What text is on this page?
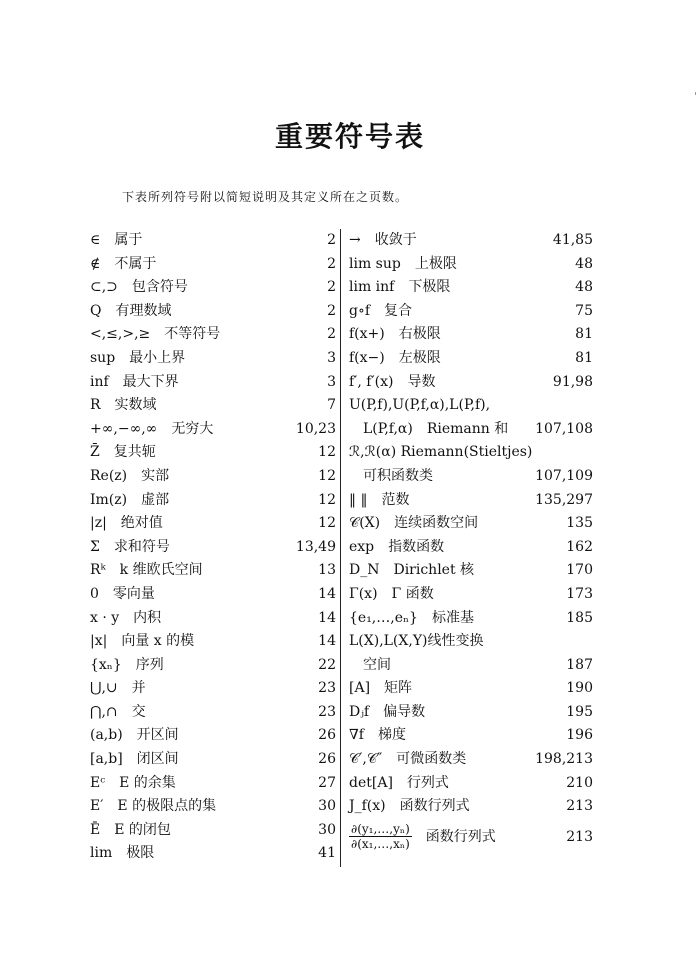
重要符号表
下表所列符号附以简短说明及其定义所在之页数。
∈　属于	2
∉　不属于	2
⊂,⊃　包含符号	2
Q　有理数域	2
<,≤,>,≥　不等符号	2
sup　最小上界	3
inf　最大下界	3
R　实数域	7
+∞,−∞,∞　无穷大	10,23
Z̄　复共轭	12
Re(z)　实部	12
Im(z)　虚部	12
|z|　绝对值	12
Σ　求和符号	13,49
Rᵏ　k 维欧氏空间	13
0　零向量	14
x · y　内积	14
|x|　向量 x 的模	14
{xₙ}　序列	22
⋃,∪　并	23
⋂,∩　交	23
(a,b)　开区间	26
[a,b]　闭区间	26
Eᶜ　E 的余集	27
E′　E 的极限点的集	30
Ē　E 的闭包	30
lim　极限	41
→　收敛于	41,85
lim sup　上极限	48
lim inf　下极限	48
g∘f　复合	75
f(x+)　右极限	81
f(x−)　左极限	81
f′, f′(x)　导数	91,98
U(P,f),U(P,f,α),L(P,f),
　L(P,f,α)　Riemann 和 107,108
ℛ,ℛ(α) Riemann(Stieltjes)
　可积函数类	107,109
‖ ‖　范数	135,297
𝒞(X)　连续函数空间	135
exp　指数函数	162
D_N　Dirichlet 核	170
Γ(x)　Γ 函数	173
{e₁,…,eₙ}　标准基	185
L(X),L(X,Y)线性变换
　空间	187
[A]　矩阵	190
Dⱼf　偏导数	195
∇f　梯度	196
𝒞′,𝒞″　可微函数类	198,213
det[A]　行列式	210
J_f(x)　函数行列式	213
$\frac{\text{∂(y₁,…,yₙ)}}{\text{∂(x₁,…,xₙ)}}$ 函数行列式	213
